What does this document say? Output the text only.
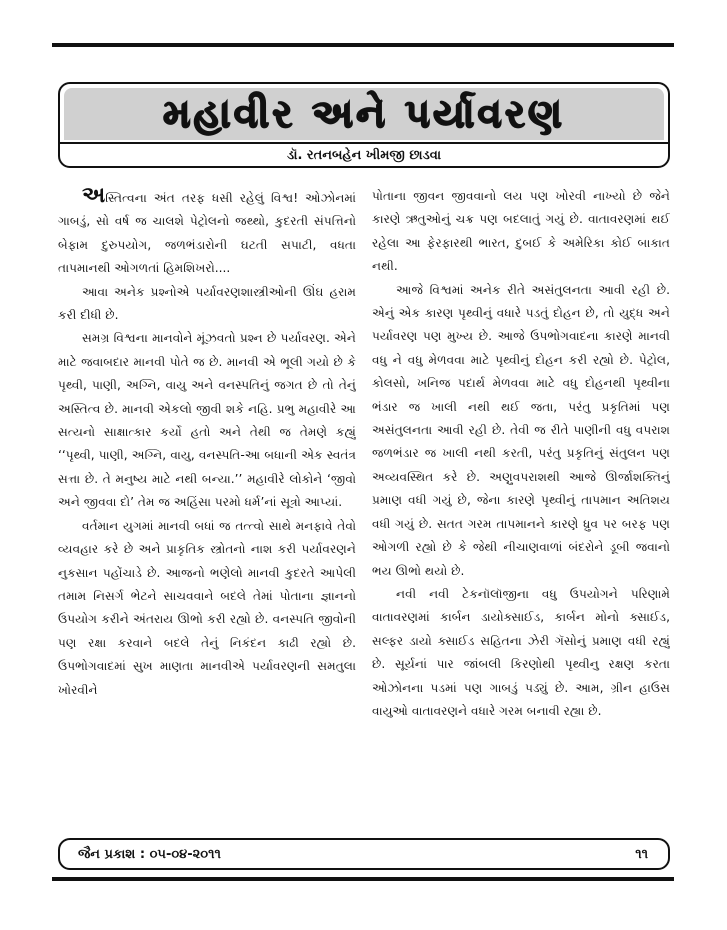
મહાવીર અને પર્યાવરણ
ડૉ. રતનબહેન ખીમજી છાડવા

અસ્તિત્વના અંત તરફ ધસી રહેલું વિશ્વ! ઓઝોનમાં ગાબડું, સો વર્ષ જ ચાલશે પેટ્રોલનો જથ્થો, કુદરતી સંપત્તિનો બેફામ દુરુપયોગ, જળભંડારોની ઘટતી સપાટી, વધતા તાપમાનથી ઓગળતાં હિમશિખરો....

આવા અનેક પ્રશ્નોએ પર્યાવરણશાસ્ત્રીઓની ઊંઘ હરામ કરી દીધી છે.

સમગ્ર વિશ્વના માનવોને મૂંઝવતો પ્રશ્ન છે પર્યાવરણ. એને માટે જવાબદાર માનવી પોતે જ છે. માનવી એ ભૂલી ગયો છે કે પૃથ્વી, પાણી, અગ્નિ, વાયુ અને વનસ્પતિનું જગત છે તો તેનું અસ્તિત્વ છે. માનવી એકલો જીવી શકે નહિ. પ્રભુ મહાવીરે આ સત્યનો સાક્ષાત્કાર કર્યો હતો અને તેથી જ તેમણે કહ્યું ‘‘પૃથ્વી, પાણી, અગ્નિ, વાયુ, વનસ્પતિ-આ બધાની એક સ્વતંત્ર સત્તા છે. તે મનુષ્ય માટે નથી બન્યા.’’ મહાવીરે લોકોને ‘જીવો અને જીવવા દો’ તેમ જ અહિંસા પરમો ધર્મ’નાં સૂત્રો આપ્યાં.

વર્તમાન યુગમાં માનવી બધાં જ તત્ત્વો સાથે મનફાવે તેવો વ્યવહાર કરે છે અને પ્રાકૃતિક સ્ત્રોતનો નાશ કરી પર્યાવરણને નુકસાન પહોંચાડે છે. આજનો ભણેલો માનવી કુદરતે આપેલી તમામ નિસર્ગ ભેટને સાચવવાને બદલે તેમાં પોતાના જ્ઞાનનો ઉપયોગ કરીને અંતરાય ઊભો કરી રહ્યો છે. વનસ્પતિ જીવોની પણ રક્ષા કરવાને બદલે તેનું નિકંદન કાઢી રહ્યો છે. ઉપભોગવાદમાં સુખ માણતા માનવીએ પર્યાવરણની સમતુલા ખોરવીને

પોતાના જીવન જીવવાનો લય પણ ખોરવી નાખ્યો છે જેને કારણે ઋતુઓનું ચક્ર પણ બદલાતું ગયું છે. વાતાવરણમાં થઈ રહેલા આ ફેરફારથી ભારત, દુબઈ કે અમેરિકા કોઈ બાકાત નથી.

આજે વિશ્વમાં અનેક રીતે અસંતુલનતા આવી રહી છે. એનું એક કારણ પૃથ્વીનું વધારે પડતું દોહન છે, તો યુદ્ધ અને પર્યાવરણ પણ મુખ્ય છે. આજે ઉપભોગવાદના કારણે માનવી વધુ ને વધુ મેળવવા માટે પૃથ્વીનું દોહન કરી રહ્યો છે. પેટ્રોલ, કોલસો, ખનિજ પદાર્થ મેળવવા માટે વધુ દોહનથી પૃથ્વીના ભંડાર જ ખાલી નથી થઈ જતા, પરંતુ પ્રકૃતિમાં પણ અસંતુલનતા આવી રહી છે. તેવી જ રીતે પાણીની વધુ વપરાશ જળભંડાર જ ખાલી નથી કરતી, પરંતુ પ્રકૃતિનું સંતુલન પણ અવ્યવસ્થિત કરે છે. અણુવપરાશથી આજે ઊર્જાશક્તિનું પ્રમાણ વધી ગયું છે, જેના કારણે પૃથ્વીનું તાપમાન અતિશય વધી ગયું છે. સતત ગરમ તાપમાનને કારણે ધ્રુવ પર બરફ પણ ઓગળી રહ્યો છે કે જેથી નીચાણવાળાં બંદરોને ડૂબી જવાનો ભય ઊભો થયો છે.

નવી નવી ટેકનૉલૉજીના વધુ ઉપયોગને પરિણામે વાતાવરણમાં કાર્બન ડાયોક્સાઈડ, કાર્બન મોનો ક્સાઈડ, સલ્ફર ડાયો ક્સાઈડ સહિતના ઝેરી ગૅસોનું પ્રમાણ વધી રહ્યું છે. સૂર્યનાં પાર જાંબલી કિરણોથી પૃથ્વીનુ રક્ષણ કરતા ઓઝોનના પડમાં પણ ગાબડું પડ્યું છે. આમ, ગ્રીન હાઉસ વાયુઓ વાતાવરણને વધારે ગરમ બનાવી રહ્યા છે.

જૈન પ્રકાશ : ૦૫-૦૪-૨૦૧૧	૧૧
